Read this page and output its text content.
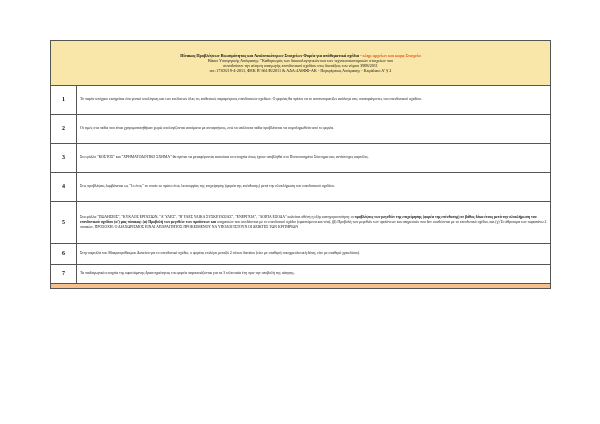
Πίνακας Προβλέψεων Βιωσιμότητας και Αναλυτικότερων Στοιχείων Φορέα για απόθεματικά σχέδια - κληρ αρχείων και καρφ Στοιχεία
Βάσει Υπουργικής Απόφασης: "Καθορισμός των δικαιολογητικών και των τεχνικοοικονομικών στοιχείων που
συνοδεύουν την αίτηση υπαγωγής επενδυτικού σχεδίου στις διατάξεις του νόμου 3908/2011
απ.:17303/19-4-2011, ΦΕΚ Β' 661/Β/2011 & ΑΔΑ:4Α0ΦΦ-ΑΚ - Περιφέρειας Απόφασης - Κεφάλαιο Α' § 2	

1	Το παρόν υπόχρεο εισηγείται ένα γενικό υπολόγιση και των κτιλίσεων όλες τις επιθετικές παραμέτρους επενδυτικών σχεδίων. Ο φορέας θα πρέπει να το αποτυποματίζει ανάλογα στις υποπαράγοντες του επενδυτικού σχεδίου.
2	Οι τιμές στα πεδία που είναι χρησιμοποιηθήκαν χωρίς υπολογίζονται αυτόματα με συναρτήσεις, ενώ τα υπόλοιπα πεδία προβλέπεται να συμπληρωθούν από το φορέα.
3	Στο φύλλο "ΚΟΣΤΟΣ" και "ΧΡΗΜΑΤΟΔΟΤΙΚΟ ΣΧΗΜΑ" θα πρέπει να μεταφέρονται αυτούσια τα στοιχεία όπως έχουν υποβληθεί στο Πιστοποιημένο Σύστημα στις αντίστοιχες καρτέλες.
4	Στις προβλέψεις λαμβάνεται ως "1ο έτος" το οποίο το πρώτο έτος λειτουργίας της επιχείρησης (φορέα της επένδυσης) μετά την ολοκλήρωση του επενδυτικού σχεδίου.
5	Στα φύλλα "ΠΩΛΗΣΕΙΣ", "ΚΥΚΛΟΣ ΕΡΓΑΣΙΩΝ, "Α' ΥΛΕΣ", "Β' ΥΛΕΣ ΥΛΙΚΑ ΣΥΣΚΕΥΑΣΙΑΣ", "ΕΝΕΡΓΕΙΑ", "ΛΟΙΠΑ ΕΞΟΔΑ" καλείται σθένη η εξής κατηγοριοποίηση: οι προβλέψεις των μεγεθών της επιχείρησης (φορέα της επένδυσης) σε βάθος δέκα έτους μετά την ολοκλήρωση του επενδυτικού σχεδίου (α') μας πίνακας: (α) Προβολή των μεγεθών των προϊόντων και υπηρεσιών που συνδέονται με το επενδυτικό σχέδιο (εφαπτόμενα και νέα), (β) Προβολή των μεγεθών των προϊόντων και υπηρεσιών που δεν συνδέονται με το επενδυτικό σχέδιο, και (γ) Το άθροισμα των παραπάνω 2 πινακών. ΠΡΟΣΟΧΗ: Ο ΔΙΑΧΩΡΙΣΜΟΣ ΕΙΝΑΙ ΑΠΑΡΑΙΤΗΤΟΣ ΠΡΟΚΕΙΜΕΝΟΥ ΝΑ ΥΠΟΛΟΓΙΣΤΟΥΝ ΟΙ ΔΕΙΚΤΕΣ ΤΩΝ ΚΡΙΤΗΡΙΩΝ
6	Στην καρτέλα του Μακροπρόθεσμου Δανείου για το επενδυτικό σχέδιο, ο φορέας επιλέγει μεταξύ 2 τύπων δανείου (είτε με σταθερή τοκοχρεολυτική δόση, είτε με σταθερό χρεολύσιο).
7	Τα παιδαγωγικά στοιχεία της υφιστάμενης δραστηριότητας του φορέα παρουσιάζονται για τα 3 τελευταία έτη πριν την υποβολή της αίτησης.
